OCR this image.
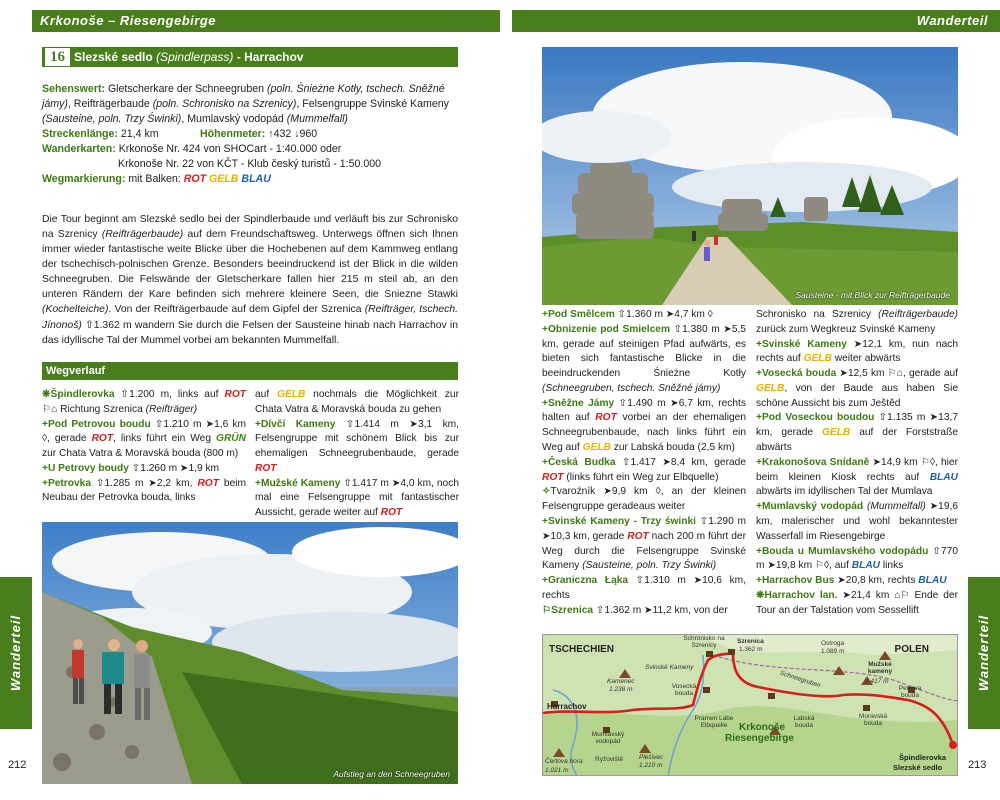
Krkonoše – Riesengebirge	Wanderteil
Wanderteil	Wanderteil
212	213
16 Slezské sedlo (Spindlerpass) - Harrachov
Sehenswert: Gletscherkare der Schneegruben (poln. Śnieżne Kotły, tschech. Sněžné jámy), Reifträgerbaude (poln. Schronisko na Szrenicy), Felsengruppe Svinské Kameny (Sausteine, poln. Trzy Świnki), Mumlavský vodopád (Mummelfall)
Streckenlänge: 21,4 km	Höhenmeter: ↑432 ↓960
Wanderkarten: Krkonoše Nr. 424 von SHOCart - 1:40.000 oder
Krkonoše Nr. 22 von KČT - Klub český turistů - 1:50.000
Wegmarkierung: mit Balken: ROT GELB BLAU
Die Tour beginnt am Slezské sedlo bei der Spindlerbaude und verläuft bis zur Schronisko na Szrenicy (Reifträgerbaude) auf dem Freundschaftsweg. Unterwegs öffnen sich Ihnen immer wieder fantastische weite Blicke über die Hochebenen auf dem Kammweg entlang der tschechisch-polnischen Grenze. Besonders beeindruckend ist der Blick in die wilden Schneegruben. Die Felswände der Gletscherkare fallen hier 215 m steil ab, an den unteren Rändern der Kare befinden sich mehrere kleinere Seen, die Sniezne Stawki (Kochelteiche). Von der Reifträgerbaude auf dem Gipfel der Szrenica (Reifträger, tschech. Jínonoš) ⇧1.362 m wandern Sie durch die Felsen der Sausteine hinab nach Harrachov in das idyllische Tal der Mummel vorbei am bekannten Mummelfall.
Wegverlauf
❋Špindlerovka ⇧1.200 m, links auf ROT ⚐⌂ Richtung Szrenica (Reifträger)
+Pod Petrovou boudu ⇧1.210 m ➤1,6 km ◊, gerade ROT, links führt ein Weg GRÜN zur Chata Vatra & Moravská bouda (800 m)
+U Petrovy boudy ⇧1.260 m ➤1,9 km
+Petrovka ⇧1.285 m ➤2,2 km, ROT beim Neubau der Petrovka bouda, links
auf GELB nochmals die Möglichkeit zur Chata Vatra & Moravská bouda zu gehen
+Dívčí Kameny ⇧1.414 m ➤3,1 km, Felsengruppe mit schönem Blick bis zur ehemaligen Schneegrubenbaude, gerade ROT
+Mužské Kameny ⇧1.417 m ➤4,0 km, noch mal eine Felsengruppe mit fantastischer Aussicht, gerade weiter auf ROT
Aufstieg an den Schneegruben
Sausteine - mit Blick zur Reifträgerbaude
+Pod Smělcem ⇧1.360 m ➤4,7 km ◊
+Obnizenie pod Smielcem ⇧1.380 m ➤5,5 km, gerade auf steinigen Pfad aufwärts, es bieten sich fantastische Blicke in die beeindruckenden Śnieżne Kotły (Schneegruben, tschech. Sněžné jámy)
+Sněžne Jámy ⇧1.490 m ➤6,7 km, rechts halten auf ROT vorbei an der ehemaligen Schneegrubenbaude, nach links führt ein Weg auf GELB zur Labská bouda (2,5 km)
+Česká Budka ⇧1.417 ➤8,4 km, gerade ROT (links führt ein Weg zur Elbquelle)
✧Tvaroźník ➤9,9 km ◊, an der kleinen Felsengruppe geradeaus weiter
+Svinské Kameny - Trzy świnki ⇧1.290 m ➤10,3 km, gerade ROT nach 200 m führt der Weg durch die Felsengruppe Svinské Kameny (Sausteine, poln. Trzy Świnki)
+Granicznа Łąka ⇧1.310 m ➤10,6 km, rechts
⚐Szrenica ⇧1.362 m ➤11,2 km, von der
Schronisko na Szrenicy (Reifträgerbaude) zurück zum Wegkreuz Svinské Kameny
+Svinské Kameny ➤12,1 km, nun nach rechts auf GELB weiter abwärts
+Vosecká bouda ➤12,5 km ⚐⌂, gerade auf GELB, von der Baude aus haben Sie schöne Aussicht bis zum Ještěd
+Pod Voseckou boudou ⇧1.135 m ➤13,7 km, gerade GELB auf der Forststraße abwärts
+Krakonošova Snídaně ➤14,9 km ⚐◊, hier beim kleinen Kiosk rechts auf BLAU abwärts im idyllischen Tal der Mumlava
+Mumlavský vodopád (Mummelfall) ➤19,6 km, malerischer und wohl bekanntester Wasserfall im Riesengebirge
+Bouda u Mumlavského vodopádu ⇧770 m ➤19,8 km ⚐◊, auf BLAU links
+Harrachov Bus ➤20,8 km, rechts BLAU
❋Harrachov lan. ➤21,4 km ⌂⚐ Ende der Tour an der Talstation vom Sessellift
TSCHECHIEN	POLEN
Krkonoše
Riesengebirge
Schronisko na Szrenicy
Szrenica
1.362 m
Ostroga
1.089 m
Svinské Kameny
Kamenec
1.238 m	Vosecká bouda
Schneegruben
Mužské kameny
1.417 m
Petrova bouda
Harrachov
Mumlavský vodopád
Pramen Labe Elbquelle
Labská bouda
Moravská bouda
Čertova hora
1.021 m
Ryžoviště Plešivec
1.210 m
Špindlerovka
Slezské sedlo
